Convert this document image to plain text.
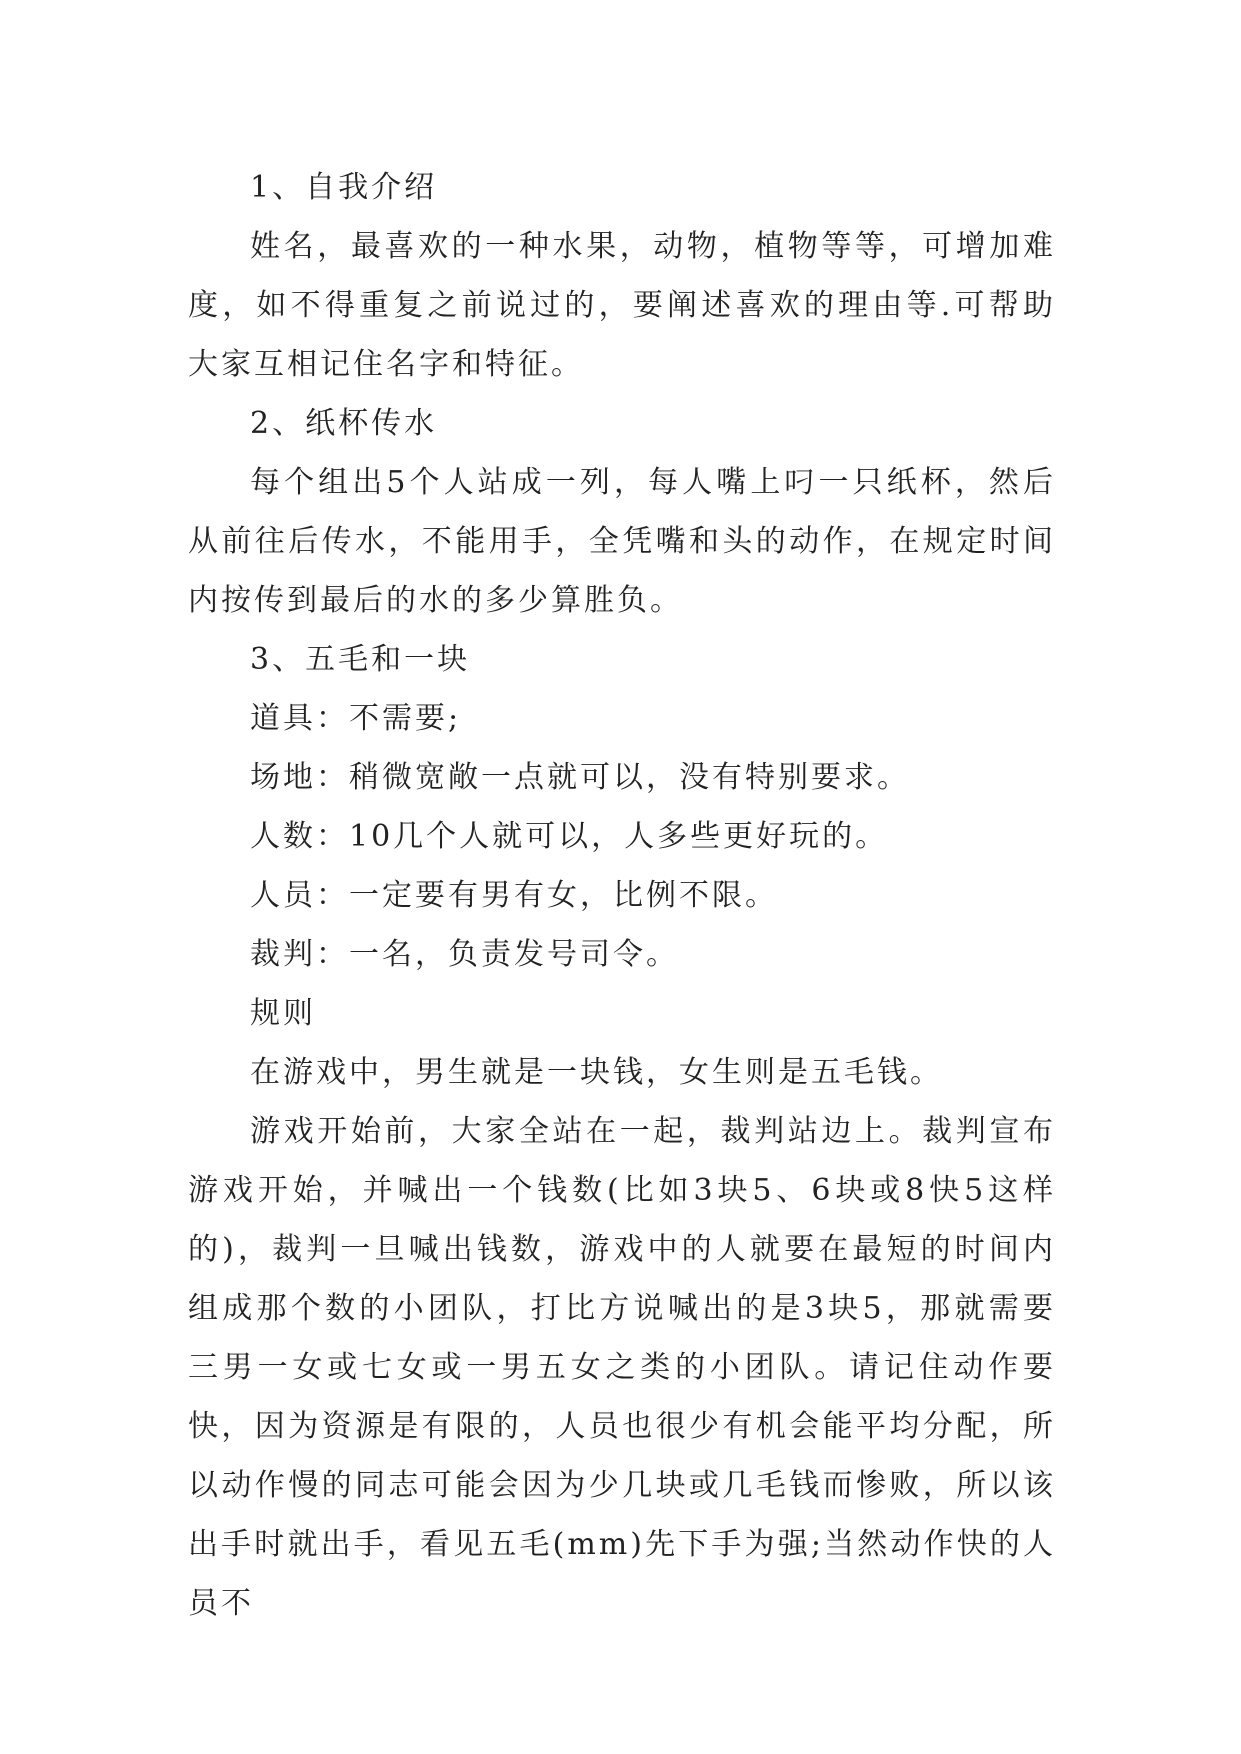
1、自我介绍

姓名，最喜欢的一种水果，动物，植物等等，可增加难度，如不得重复之前说过的，要阐述喜欢的理由等.可帮助大家互相记住名字和特征。

2、纸杯传水

每个组出5个人站成一列，每人嘴上叼一只纸杯，然后从前往后传水，不能用手，全凭嘴和头的动作，在规定时间内按传到最后的水的多少算胜负。

3、五毛和一块

道具：不需要;

场地：稍微宽敞一点就可以，没有特别要求。

人数：10几个人就可以，人多些更好玩的。

人员：一定要有男有女，比例不限。

裁判：一名，负责发号司令。

规则

在游戏中，男生就是一块钱，女生则是五毛钱。

游戏开始前，大家全站在一起，裁判站边上。裁判宣布游戏开始，并喊出一个钱数(比如3块5、6块或8快5这样的)，裁判一旦喊出钱数，游戏中的人就要在最短的时间内组成那个数的小团队，打比方说喊出的是3块5，那就需要三男一女或七女或一男五女之类的小团队。请记住动作要快，因为资源是有限的，人员也很少有机会能平均分配，所以动作慢的同志可能会因为少几块或几毛钱而惨败，所以该出手时就出手，看见五毛(mm)先下手为强;当然动作快的人员不
